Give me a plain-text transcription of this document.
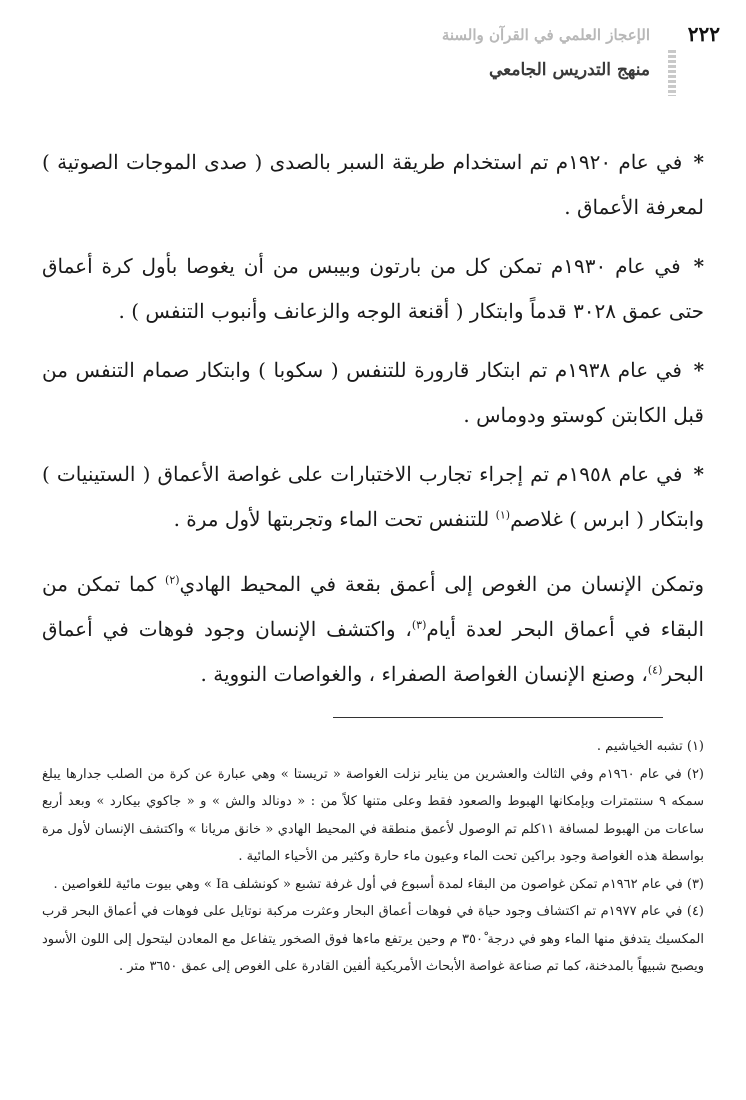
٢٢٢
الإعجاز العلمي في القرآن والسنة
منهج التدريس الجامعي

* في عام ١٩٢٠م تم استخدام طريقة السبر بالصدى ( صدى الموجات الصوتية ) لمعرفة الأعماق .

* في عام ١٩٣٠م تمكن كل من بارتون وبيبس من أن يغوصا بأول كرة أعماق حتى عمق ٣٠٢٨ قدماً وابتكار ( أقنعة الوجه والزعانف وأنبوب التنفس ) .

* في عام ١٩٣٨م تم ابتكار قارورة للتنفس ( سكوبا ) وابتكار صمام التنفس من قبل الكابتن كوستو ودوماس .

* في عام ١٩٥٨م تم إجراء تجارب الاختبارات على غواصة الأعماق ( الستينيات ) وابتكار ( ابرس ) غلاصم$^{(١)}$ للتنفس تحت الماء وتجربتها لأول مرة .

وتمكن الإنسان من الغوص إلى أعمق بقعة في المحيط الهادي$^{(٢)}$ كما تمكن من البقاء في أعماق البحر لعدة أيام$^{(٣)}$، واكتشف الإنسان وجود فوهات في أعماق البحر$^{(٤)}$، وصنع الإنسان الغواصة الصفراء ، والغواصات النووية .

(١) تشبه الخياشيم .

(٢) في عام ١٩٦٠م وفي الثالث والعشرين من يناير نزلت الغواصة « تريستا » وهي عبارة عن كرة من الصلب جدارها يبلغ سمكه ٩ سنتمترات وبإمكانها الهبوط والصعود فقط وعلى متنها كلاً من : « دونالد والش » و « جاكوي بيكارد » وبعد أربع ساعات من الهبوط لمسافة ١١كلم تم الوصول لأعمق منطقة في المحيط الهادي « خانق مريانا » واكتشف الإنسان لأول مرة بواسطة هذه الغواصة وجود براكين تحت الماء وعيون ماء حارة وكثير من الأحياء المائية .

(٣) في عام ١٩٦٢م تمكن غواصون من البقاء لمدة أسبوع في أول غرفة تشبع « كونشلف Ia » وهي بيوت مائية للغواصين .

(٤) في عام ١٩٧٧م تم اكتشاف وجود حياة في فوهات أعماق البحار وعثرت مركبة نوتايل على فوهات في أعماق البحر قرب المكسيك يتدفق منها الماء وهو في درجة ٣٥٠ْ م وحين يرتفع ماءها فوق الصخور يتفاعل مع المعادن ليتحول إلى اللون الأسود ويصبح شبيهاً بالمدخنة، كما تم صناعة غواصة الأبحاث الأمريكية ألفين القادرة على الغوص إلى عمق ٣٦٥٠ متر .
